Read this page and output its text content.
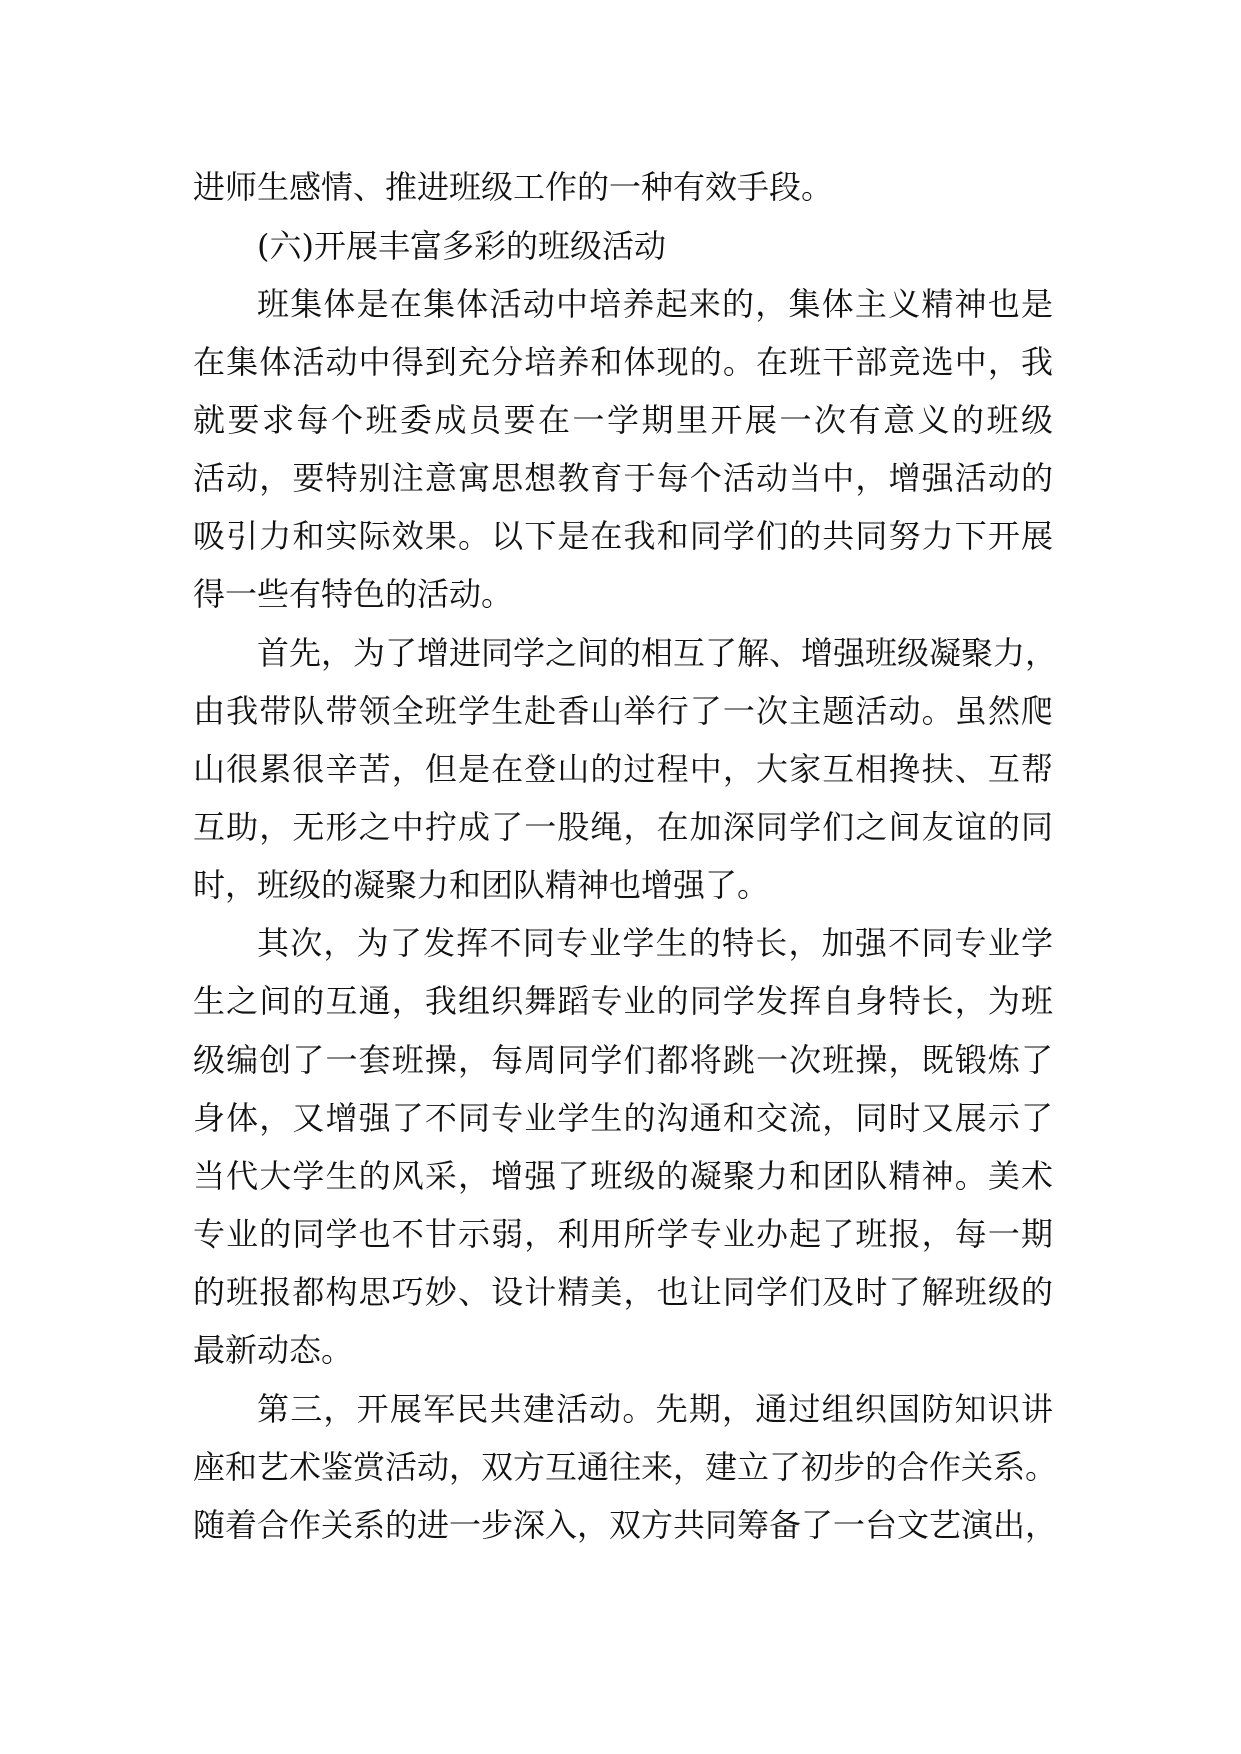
进师生感情、推进班级工作的一种有效手段。
(六)开展丰富多彩的班级活动
班集体是在集体活动中培养起来的，集体主义精神也是
在集体活动中得到充分培养和体现的。在班干部竞选中，我
就要求每个班委成员要在一学期里开展一次有意义的班级
活动，要特别注意寓思想教育于每个活动当中，增强活动的
吸引力和实际效果。以下是在我和同学们的共同努力下开展
得一些有特色的活动。
首先，为了增进同学之间的相互了解、增强班级凝聚力，
由我带队带领全班学生赴香山举行了一次主题活动。虽然爬
山很累很辛苦，但是在登山的过程中，大家互相搀扶、互帮
互助，无形之中拧成了一股绳，在加深同学们之间友谊的同
时，班级的凝聚力和团队精神也增强了。
其次，为了发挥不同专业学生的特长，加强不同专业学
生之间的互通，我组织舞蹈专业的同学发挥自身特长，为班
级编创了一套班操，每周同学们都将跳一次班操，既锻炼了
身体，又增强了不同专业学生的沟通和交流，同时又展示了
当代大学生的风采，增强了班级的凝聚力和团队精神。美术
专业的同学也不甘示弱，利用所学专业办起了班报，每一期
的班报都构思巧妙、设计精美，也让同学们及时了解班级的
最新动态。
第三，开展军民共建活动。先期，通过组织国防知识讲
座和艺术鉴赏活动，双方互通往来，建立了初步的合作关系。
随着合作关系的进一步深入，双方共同筹备了一台文艺演出，
